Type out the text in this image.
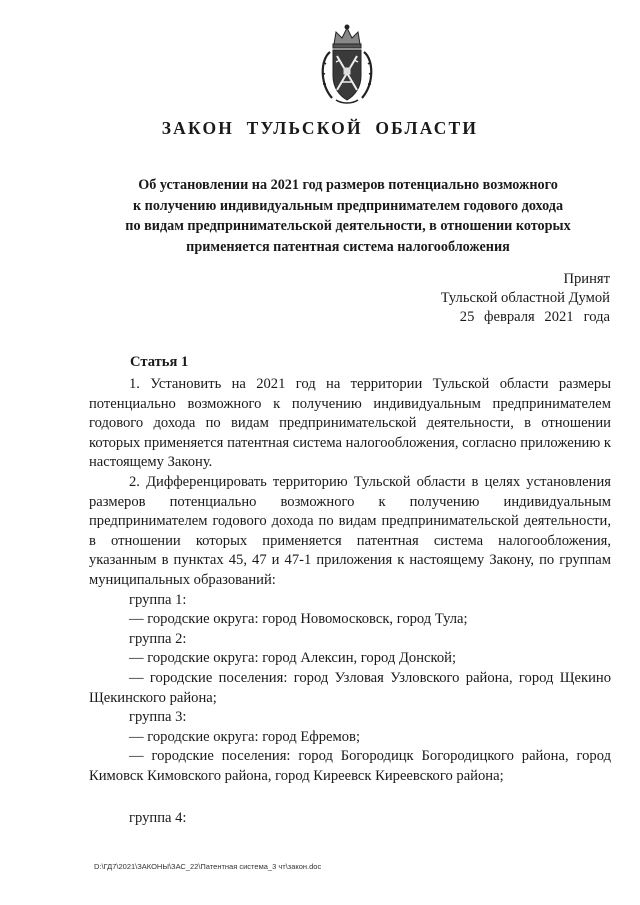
ЗАКОН ТУЛЬСКОЙ ОБЛАСТИ
Об установлении на 2021 год размеров потенциально возможного
к получению индивидуальным предпринимателем годового дохода
по видам предпринимательской деятельности, в отношении которых
применяется патентная система налогообложения
Принят
Тульской областной Думой
25 февраля 2021 года
Статья 1

1. Установить на 2021 год на территории Тульской области размеры потенциально возможного к получению индивидуальным предпринимателем годового дохода по видам предпринимательской деятельности, в отношении которых применяется патентная система налогообложения, согласно приложению к настоящему Закону.

2. Дифференцировать территорию Тульской области в целях установления размеров потенциально возможного к получению индивидуальным предпринимателем годового дохода по видам предпринимательской деятельности, в отношении которых применяется патентная система налогообложения, указанным в пунктах 45, 47 и 47-1 приложения к настоящему Закону, по группам муниципальных образований:

группа 1:

— городские округа: город Новомосковск, город Тула;

группа 2:

— городские округа: город Алексин, город Донской;

— городские поселения: город Узловая Узловского района, город Щекино Щекинского района;

группа 3:

— городские округа: город Ефремов;

— городские поселения: город Богородицк Богородицкого района, город Кимовск Кимовского района, город Киреевск Киреевского района;

группа 4:

D:\ГД7\2021\ЗАКОНЫ\ЗАС_22\Патентная система_3 чт\закон.doc
